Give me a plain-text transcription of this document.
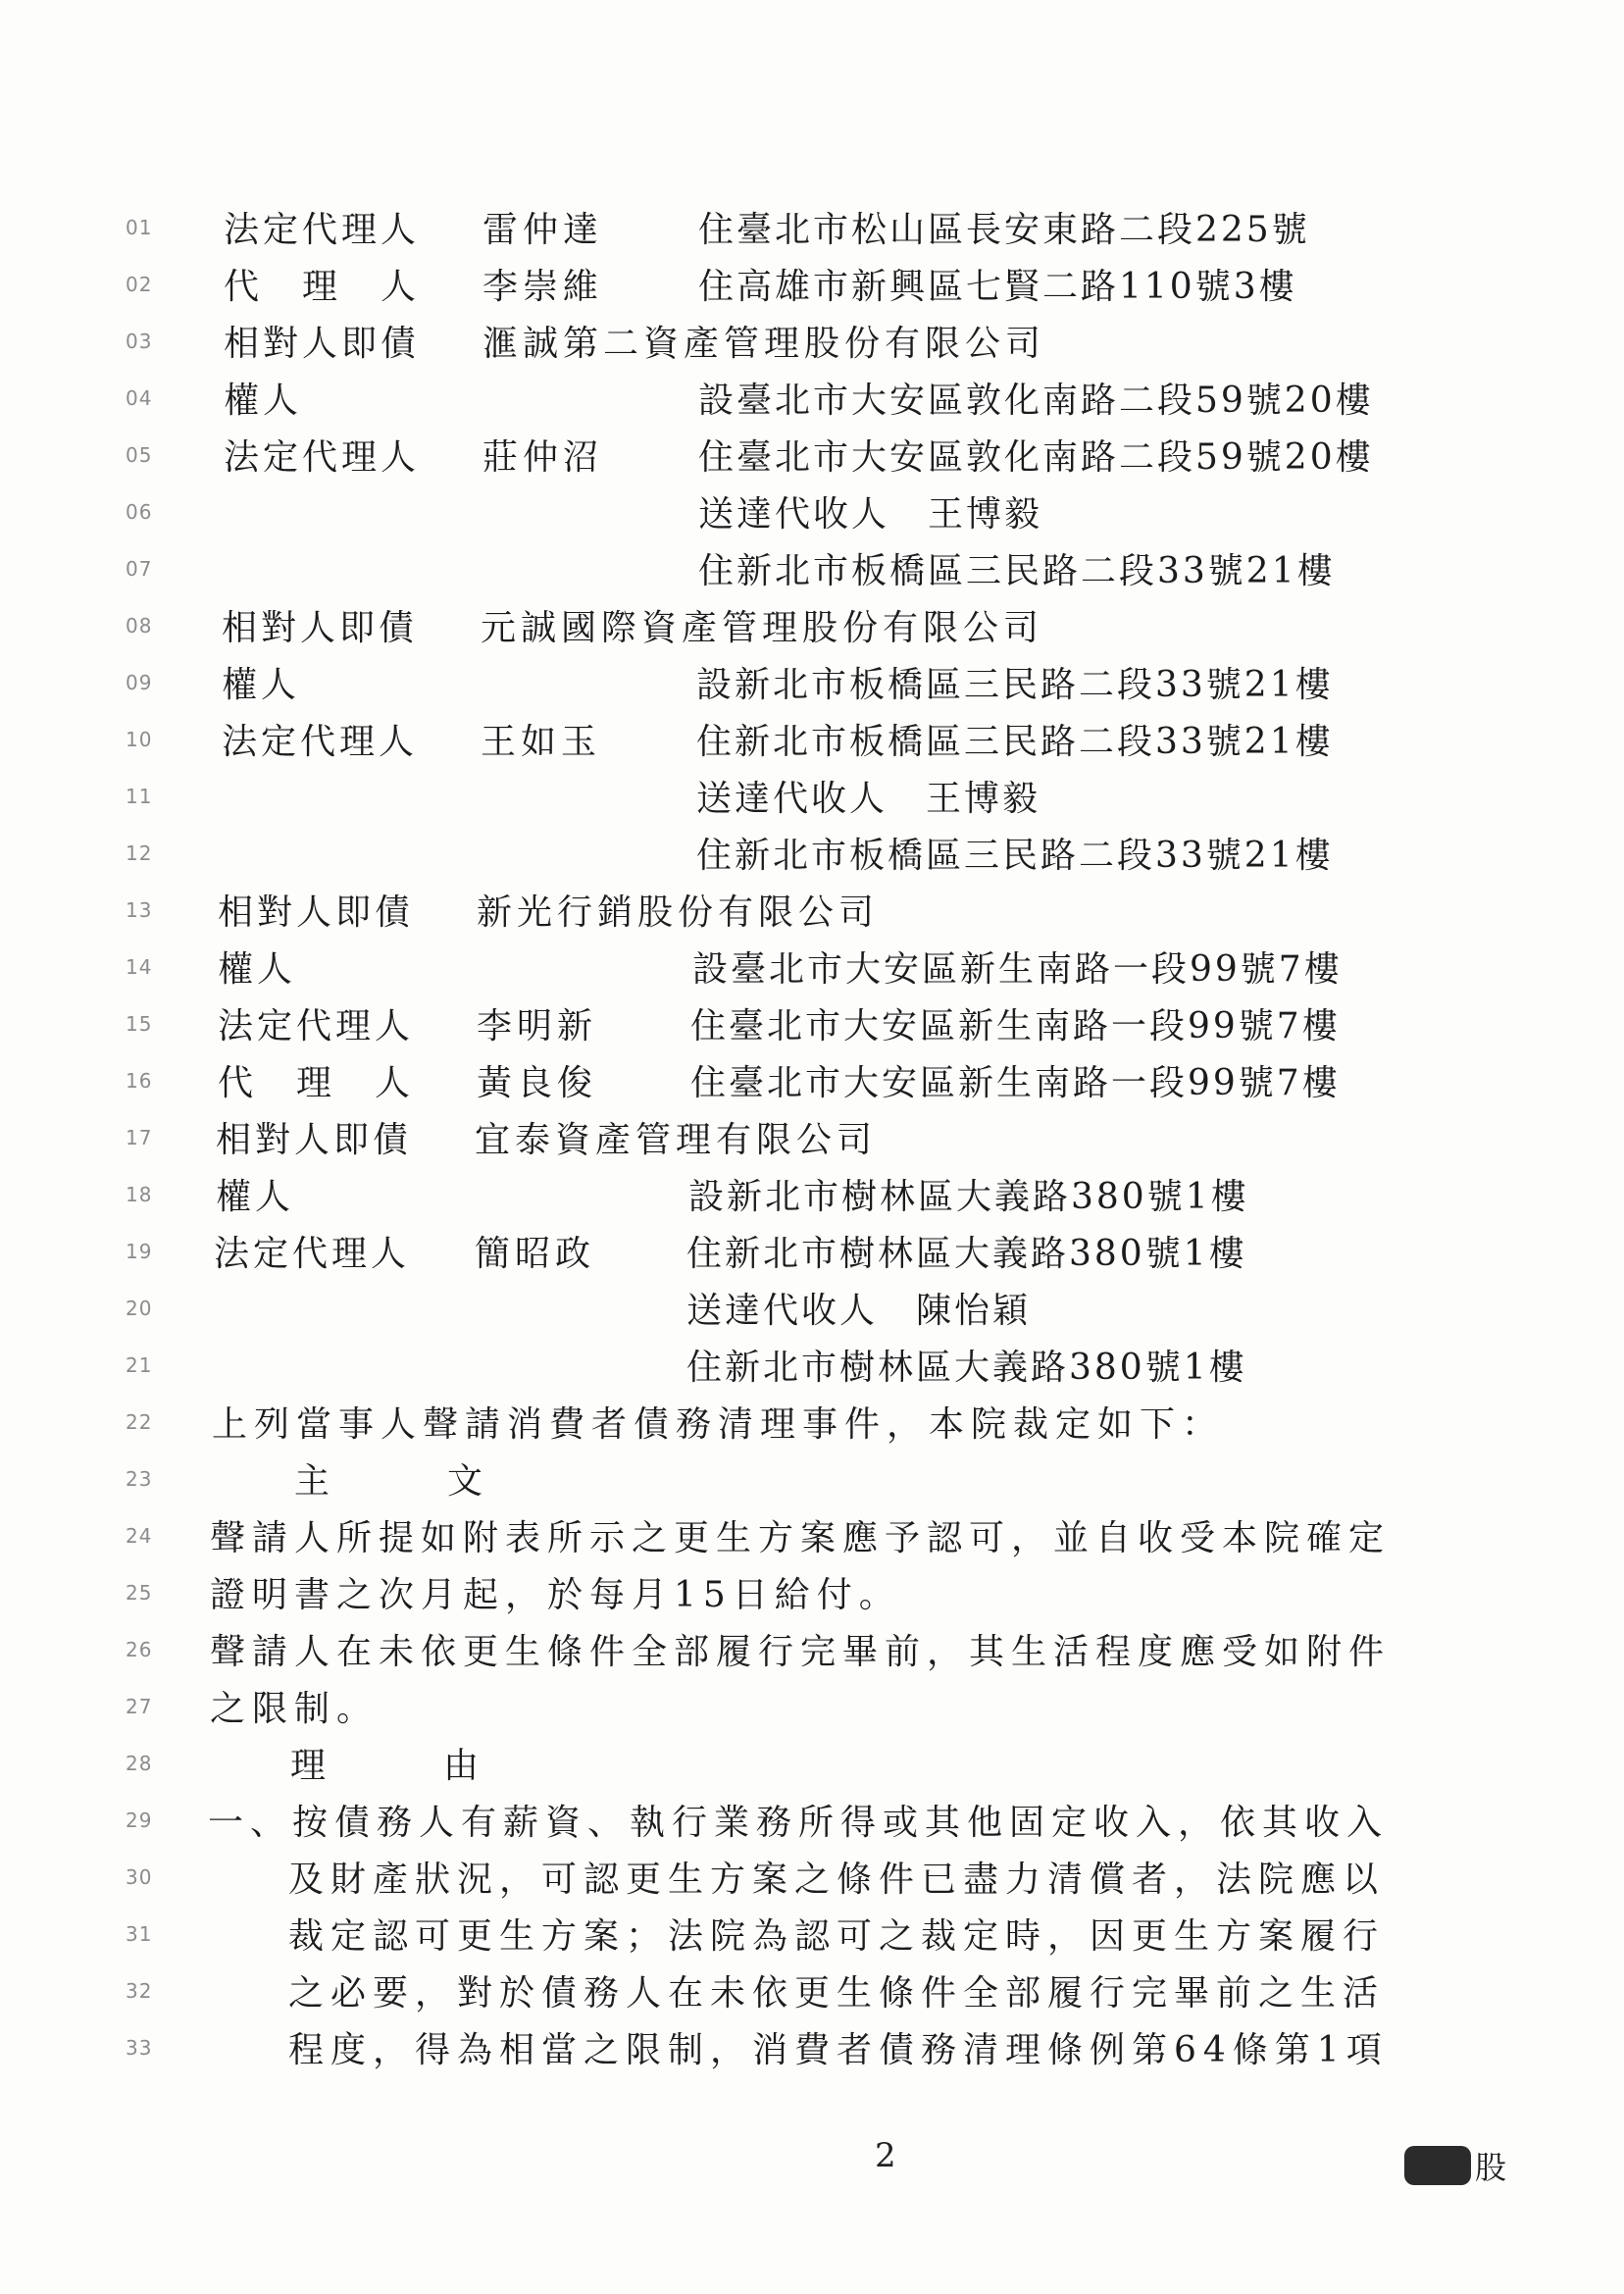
01	法定代理人 雷仲達	住臺北市松山區長安東路二段225號
02	代　理　人 李崇維	住高雄市新興區七賢二路110號3樓
03	相對人即債 滙誠第二資產管理股份有限公司
04	權人	設臺北市大安區敦化南路二段59號20樓
05	法定代理人 莊仲沼	住臺北市大安區敦化南路二段59號20樓
06	送達代收人　王博毅
07	住新北市板橋區三民路二段33號21樓
08	相對人即債 元誠國際資產管理股份有限公司
09	權人	設新北市板橋區三民路二段33號21樓
10	法定代理人 王如玉	住新北市板橋區三民路二段33號21樓
11	送達代收人　王博毅
12	住新北市板橋區三民路二段33號21樓
13	相對人即債 新光行銷股份有限公司
14	權人	設臺北市大安區新生南路一段99號7樓
15	法定代理人 李明新	住臺北市大安區新生南路一段99號7樓
16	代　理　人 黃良俊	住臺北市大安區新生南路一段99號7樓
17	相對人即債 宜泰資產管理有限公司
18	權人	設新北市樹林區大義路380號1樓
19	法定代理人 簡昭政	住新北市樹林區大義路380號1樓
20	送達代收人　陳怡穎
21	住新北市樹林區大義路380號1樓
22	上列當事人聲請消費者債務清理事件，本院裁定如下：
23	主　文
24	聲請人所提如附表所示之更生方案應予認可，並自收受本院確定
25	證明書之次月起，於每月15日給付。
26	聲請人在未依更生條件全部履行完畢前，其生活程度應受如附件
27	之限制。
28	理　由
29	一、按債務人有薪資、執行業務所得或其他固定收入，依其收入
30	及財產狀況，可認更生方案之條件已盡力清償者，法院應以
31	裁定認可更生方案；法院為認可之裁定時，因更生方案履行
32	之必要，對於債務人在未依更生條件全部履行完畢前之生活
33	程度，得為相當之限制，消費者債務清理條例第64條第1項
2	股
